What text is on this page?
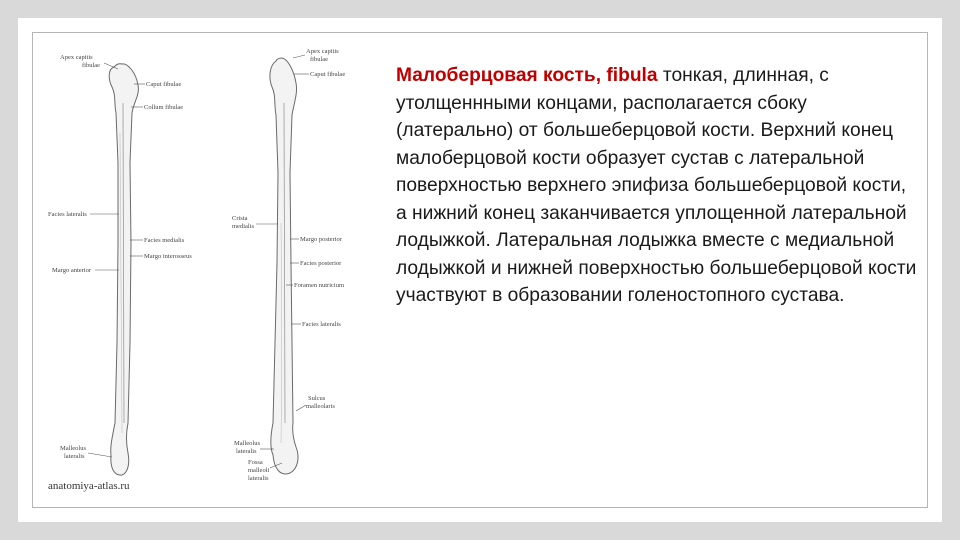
Apex capitis
fibulae
Caput fibulae
Collum fibulae
Facies lateralis
Facies medialis
Margo interosseus
Margo anterior
Malleolus
lateralis
Apex capitis
fibulae
Caput fibulae
Crista
medialis
Margo posterior
Facies posterior
Foramen nutricium
Facies lateralis
Sulcus
malleolaris
Malleolus
lateralis
Fossa
malleoli
lateralis
anatomiya-atlas.ru
Малоберцовая кость, fibula тонкая, длинная, с утолщеннными концами, располагается сбоку (латерально) от большеберцовой кости. Верхний конец малоберцовой кости образует сустав с латеральной поверхностью верхнего эпифиза большеберцовой кости, а нижний конец заканчивается уплощенной латеральной лодыжкой. Латеральная лодыжка вместе с медиальной лодыжкой и нижней поверхностью большеберцовой кости участвуют в образовании голеностопного сустава.
